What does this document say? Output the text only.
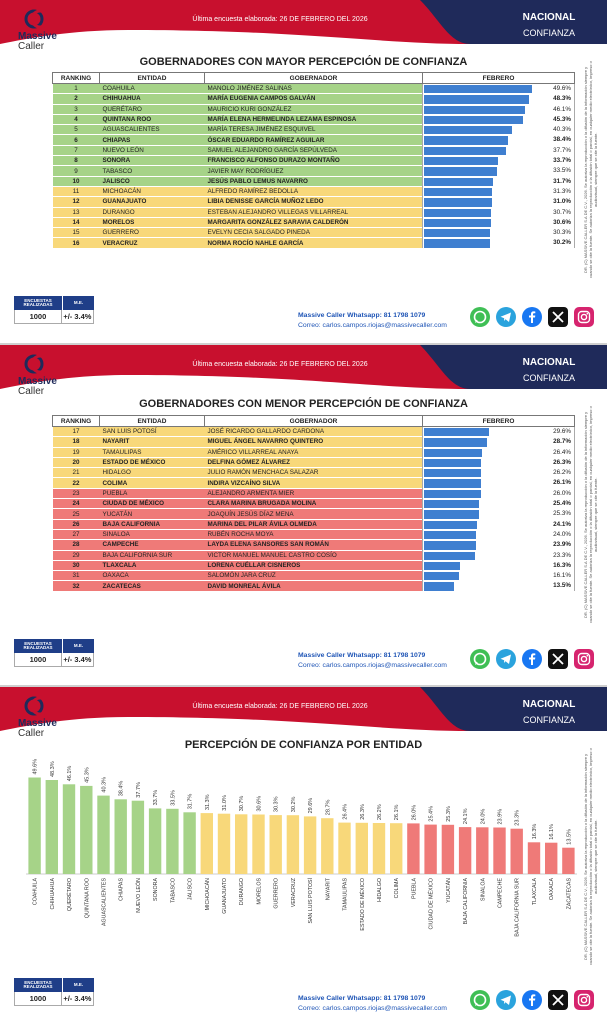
Última encuesta elaborada: 26 DE FEBRERO DEL 2026	NACIONAL
CONFIANZA
Massive
Caller
GOBERNADORES CON MAYOR PERCEPCIÓN DE CONFIANZA
RANKING	ENTIDAD	GOBERNADOR	FEBRERO
1	COAHUILA	MANOLO JIMÉNEZ SALINAS	49.6%

2	CHIHUAHUA	MARÍA EUGENIA CAMPOS GALVÁN	48.3%

3	QUERÉTARO	MAURICIO KURI GONZÁLEZ	46.1%

4	QUINTANA ROO	MARÍA ELENA HERMELINDA LEZAMA ESPINOSA	45.3%

5	AGUASCALIENTES	MARÍA TERESA JIMÉNEZ ESQUIVEL	40.3%

6	CHIAPAS	ÓSCAR EDUARDO RAMÍREZ AGUILAR	38.4%

7	NUEVO LEÓN	SAMUEL ALEJANDRO GARCÍA SEPÚLVEDA	37.7%

8	SONORA	FRANCISCO ALFONSO DURAZO MONTAÑO	33.7%

9	TABASCO	JAVIER MAY RODRÍGUEZ	33.5%

10	JALISCO	JESÚS PABLO LEMUS NAVARRO	31.7%

11	MICHOACÁN	ALFREDO RAMÍREZ BEDOLLA	31.3%

12	GUANAJUATO	LIBIA DENISSE GARCÍA MUÑOZ LEDO	31.0%

13	DURANGO	ESTEBAN ALEJANDRO VILLEGAS VILLARREAL	30.7%

14	MORELOS	MARGARITA GONZÁLEZ SARAVIA CALDERÓN	30.6%

15	GUERRERO	EVELYN CECIA SALGADO PINEDA	30.3%

16	VERACRUZ	NORMA ROCÍO NAHLE GARCÍA	30.2%
ENCUESTAS REALIZADAS	M.E.
1000	+/- 3.4%	Massive Caller Whatsapp: 81 1798 1079
Correo: carlos.campos.riojas@massivecaller.com
DR. (C) MASSIVE CALLER S.A DE C.V., 2026. Se autoriza la reproducción o la difusión de la información siempre y cuando se cite la fuente. Se autoriza la reproducción o la difusión total o parcial, en cualquier medio electrónico, impreso o audiovisual, siempre que se cite la fuente.
Última encuesta elaborada: 26 DE FEBRERO DEL 2026	NACIONAL
CONFIANZA
Massive
Caller
GOBERNADORES CON MENOR PERCEPCIÓN DE CONFIANZA
RANKING	ENTIDAD	GOBERNADOR	FEBRERO
17	SAN LUIS POTOSÍ	JOSÉ RICARDO GALLARDO CARDONA	29.6%

18	NAYARIT	MIGUEL ÁNGEL NAVARRO QUINTERO	28.7%

19	TAMAULIPAS	AMÉRICO VILLARREAL ANAYA	26.4%

20	ESTADO DE MÉXICO	DELFINA GÓMEZ ÁLVAREZ	26.3%

21	HIDALGO	JULIO RAMÓN MENCHACA SALAZAR	26.2%

22	COLIMA	INDIRA VIZCAÍNO SILVA	26.1%

23	PUEBLA	ALEJANDRO ARMENTA MIER	26.0%

24	CIUDAD DE MÉXICO	CLARA MARINA BRUGADA MOLINA	25.4%

25	YUCATÁN	JOAQUÍN JESÚS DÍAZ MENA	25.3%

26	BAJA CALIFORNIA	MARINA DEL PILAR ÁVILA OLMEDA	24.1%

27	SINALOA	RUBÉN ROCHA MOYA	24.0%

28	CAMPECHE	LAYDA ELENA SANSORES SAN ROMÁN	23.9%

29	BAJA CALIFORNIA SUR	VICTOR MANUEL MANUEL CASTRO COSÍO	23.3%

30	TLAXCALA	LORENA CUÉLLAR CISNEROS	16.3%

31	OAXACA	SALOMÓN JARA CRUZ	16.1%

32	ZACATECAS	DAVID MONREAL ÁVILA	13.5%
ENCUESTAS REALIZADAS	M.E.
1000	+/- 3.4%	Massive Caller Whatsapp: 81 1798 1079
Correo: carlos.campos.riojas@massivecaller.com
DR. (C) MASSIVE CALLER S.A DE C.V., 2026. Se autoriza la reproducción o la difusión de la información siempre y cuando se cite la fuente. Se autoriza la reproducción o la difusión total o parcial, en cualquier medio electrónico, impreso o audiovisual, siempre que se cite la fuente.
Última encuesta elaborada: 26 DE FEBRERO DEL 2026	NACIONAL
CONFIANZA
Massive
Caller
PERCEPCIÓN DE CONFIANZA POR ENTIDAD
49.6%
COAHUILA
48.3%
CHIHUAHUA
46.1%
QUERÉTARO
45.3%
QUINTANA ROO
40.3%
AGUASCALIENTES
38.4%
CHIAPAS
37.7%
NUEVO LEÓN
33.7%
SONORA
33.5%
TABASCO
31.7%
JALISCO
31.3%
MICHOACÁN
31.0%
GUANAJUATO
30.7%
DURANGO
30.6%
MORELOS
30.3%
GUERRERO
30.2%
VERACRUZ
29.6%
SAN LUIS POTOSÍ
28.7%
NAYARIT
26.4%
TAMAULIPAS
26.3%
ESTADO DE MÉXICO
26.2%
HIDALGO
26.1%
COLIMA
26.0%
PUEBLA
25.4%
CIUDAD DE MÉXICO
25.3%
YUCATÁN
24.1%
BAJA CALIFORNIA
24.0%
SINALOA
23.9%
CAMPECHE
23.3%
BAJA CALIFORNIA SUR
16.3%
TLAXCALA
16.1%
OAXACA
13.5%
ZACATECAS
ENCUESTAS REALIZADAS	M.E.
1000	+/- 3.4%	Massive Caller Whatsapp: 81 1798 1079
Correo: carlos.campos.riojas@massivecaller.com
DR. (C) MASSIVE CALLER S.A DE C.V., 2026. Se autoriza la reproducción o la difusión de la información siempre y cuando se cite la fuente. Se autoriza la reproducción o la difusión total o parcial, en cualquier medio electrónico, impreso o audiovisual, siempre que se cite la fuente.
